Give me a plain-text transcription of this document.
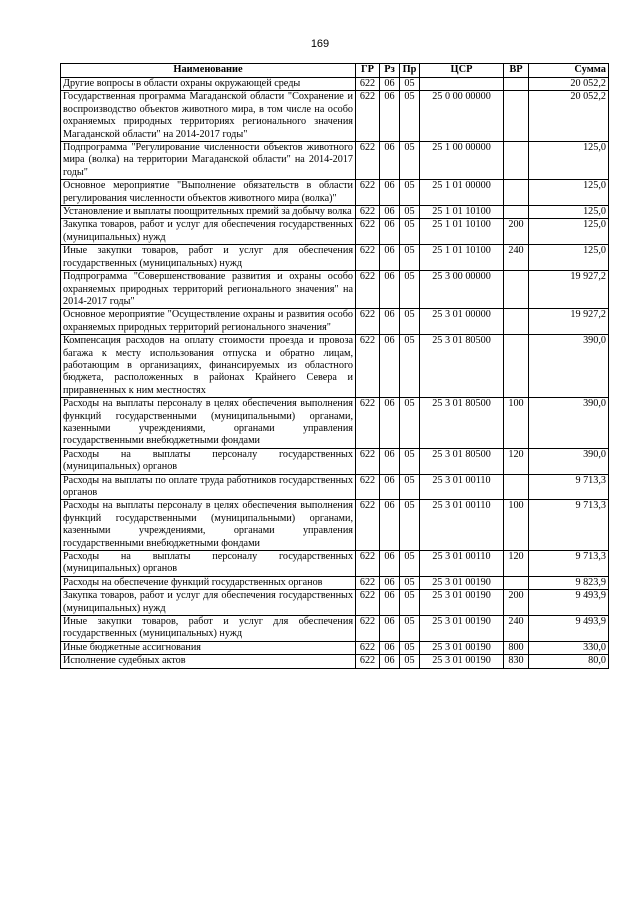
169
Наименование	ГР	Рз	Пр	ЦСР	ВР	Сумма
Другие вопросы в области охраны окружающей среды	622	06	05			20 052,2
Государственная программа Магаданской области "Сохранение и воспроизводство объектов животного мира, в том числе на особо охраняемых природных территориях регионального значения Магаданской области" на 2014-2017 годы"	622	06	05	25 0 00 00000		20 052,2
Подпрограмма "Регулирование численности объектов животного мира (волка) на территории Магаданской области" на 2014-2017 годы"	622	06	05	25 1 00 00000		125,0
Основное мероприятие "Выполнение обязательств в области регулирования численности объектов животного мира (волка)"	622	06	05	25 1 01 00000		125,0
Установление и выплаты поощрительных премий за добычу волка	622	06	05	25 1 01 10100		125,0
Закупка товаров, работ и услуг для обеспечения государственных (муниципальных) нужд	622	06	05	25 1 01 10100	200	125,0
Иные закупки товаров, работ и услуг для обеспечения государственных (муниципальных) нужд	622	06	05	25 1 01 10100	240	125,0
Подпрограмма "Совершенствование развития и охраны особо охраняемых природных территорий регионального значения" на 2014-2017 годы"	622	06	05	25 3 00 00000		19 927,2
Основное мероприятие "Осуществление охраны и развития особо охраняемых природных территорий регионального значения"	622	06	05	25 3 01 00000		19 927,2
Компенсация расходов на оплату стоимости проезда и провоза багажа к месту использования отпуска и обратно лицам, работающим в организациях, финансируемых из областного бюджета, расположенных в районах Крайнего Севера и приравненных к ним местностях	622	06	05	25 3 01 80500		390,0
Расходы на выплаты персоналу в целях обеспечения выполнения функций государственными (муниципальными) органами, казенными учреждениями, органами управления государственными внебюджетными фондами	622	06	05	25 3 01 80500	100	390,0
Расходы на выплаты персоналу государственных (муниципальных) органов	622	06	05	25 3 01 80500	120	390,0
Расходы на выплаты по оплате труда работников государственных органов	622	06	05	25 3 01 00110		9 713,3
Расходы на выплаты персоналу в целях обеспечения выполнения функций государственными (муниципальными) органами, казенными учреждениями, органами управления государственными внебюджетными фондами	622	06	05	25 3 01 00110	100	9 713,3
Расходы на выплаты персоналу государственных (муниципальных) органов	622	06	05	25 3 01 00110	120	9 713,3
Расходы на обеспечение функций государственных органов	622	06	05	25 3 01 00190		9 823,9
Закупка товаров, работ и услуг для обеспечения государственных (муниципальных) нужд	622	06	05	25 3 01 00190	200	9 493,9
Иные закупки товаров, работ и услуг для обеспечения государственных (муниципальных) нужд	622	06	05	25 3 01 00190	240	9 493,9
Иные бюджетные ассигнования	622	06	05	25 3 01 00190	800	330,0
Исполнение судебных актов	622	06	05	25 3 01 00190	830	80,0
